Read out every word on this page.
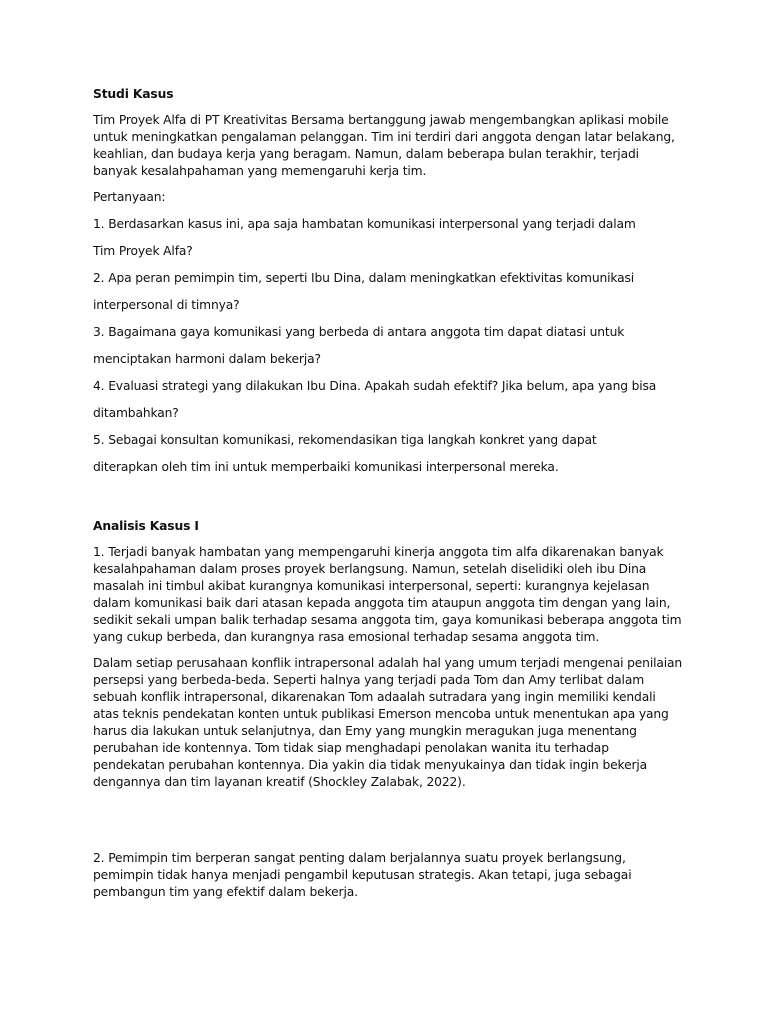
Studi Kasus
Tim Proyek Alfa di PT Kreativitas Bersama bertanggung jawab mengembangkan aplikasi mobile untuk meningkatkan pengalaman pelanggan. Tim ini terdiri dari anggota dengan latar belakang, keahlian, dan budaya kerja yang beragam. Namun, dalam beberapa bulan terakhir, terjadi banyak kesalahpahaman yang memengaruhi kerja tim.
Pertanyaan:
1. Berdasarkan kasus ini, apa saja hambatan komunikasi interpersonal yang terjadi dalam
Tim Proyek Alfa?
2. Apa peran pemimpin tim, seperti Ibu Dina, dalam meningkatkan efektivitas komunikasi
interpersonal di timnya?
3. Bagaimana gaya komunikasi yang berbeda di antara anggota tim dapat diatasi untuk
menciptakan harmoni dalam bekerja?
4. Evaluasi strategi yang dilakukan Ibu Dina. Apakah sudah efektif? Jika belum, apa yang bisa
ditambahkan?
5. Sebagai konsultan komunikasi, rekomendasikan tiga langkah konkret yang dapat
diterapkan oleh tim ini untuk memperbaiki komunikasi interpersonal mereka.
Analisis Kasus I
1. Terjadi banyak hambatan yang mempengaruhi kinerja anggota tim alfa dikarenakan banyak kesalahpahaman dalam proses proyek berlangsung. Namun, setelah diselidiki oleh ibu Dina masalah ini timbul akibat kurangnya komunikasi interpersonal, seperti: kurangnya kejelasan dalam komunikasi baik dari atasan kepada anggota tim ataupun anggota tim dengan yang lain, sedikit sekali umpan balik terhadap sesama anggota tim, gaya komunikasi beberapa anggota tim yang cukup berbeda, dan kurangnya rasa emosional terhadap sesama anggota tim.
Dalam setiap perusahaan konflik intrapersonal adalah hal yang umum terjadi mengenai penilaian persepsi yang berbeda-beda. Seperti halnya yang terjadi pada Tom dan Amy terlibat dalam sebuah konflik intrapersonal, dikarenakan Tom adaalah sutradara yang ingin memiliki kendali atas teknis pendekatan konten untuk publikasi Emerson mencoba untuk menentukan apa yang harus dia lakukan untuk selanjutnya, dan Emy yang mungkin meragukan juga menentang perubahan ide kontennya. Tom tidak siap menghadapi penolakan wanita itu terhadap pendekatan perubahan kontennya. Dia yakin dia tidak menyukainya dan tidak ingin bekerja dengannya dan tim layanan kreatif (Shockley Zalabak, 2022).
2. Pemimpin tim berperan sangat penting dalam berjalannya suatu proyek berlangsung, pemimpin tidak hanya menjadi pengambil keputusan strategis. Akan tetapi, juga sebagai pembangun tim yang efektif dalam bekerja.
